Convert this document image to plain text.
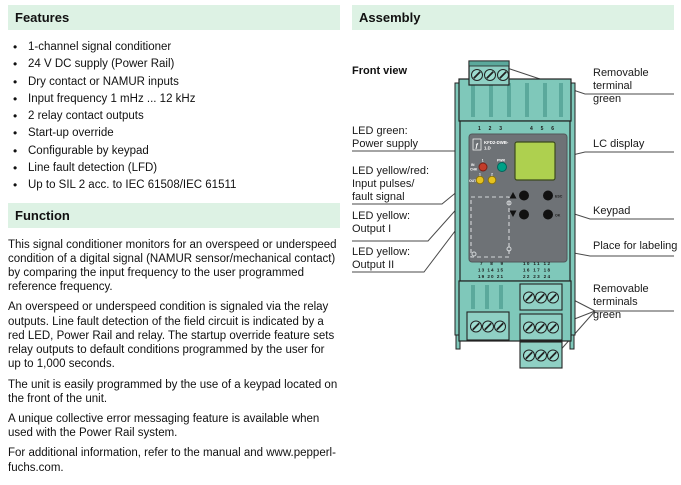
Features
• 1-channel signal conditioner
• 24 V DC supply (Power Rail)
• Dry contact or NAMUR inputs
• Input frequency 1 mHz ... 12 kHz
• 2 relay contact outputs
• Start-up override
• Configurable by keypad
• Line fault detection (LFD)
• Up to SIL 2 acc. to IEC 61508/IEC 61511
Function

This signal conditioner monitors for an overspeed or underspeed condition of a digital signal (NAMUR sensor/mechanical contact) by comparing the input frequency to the user programmed reference frequency.

An overspeed or underspeed condition is signaled via the relay outputs. Line fault detection of the field circuit is indicated by a red LED, Power Rail and relay. The startup override feature sets relay outputs to default conditions programmed by the user for up to 1,000 seconds.

The unit is easily programmed by the use of a keypad located on the front of the unit.

A unique collective error messaging feature is available when used with the Power Rail system.

For additional information, refer to the manual and www.pepperl-fuchs.com.

Assembly
1 2 3	4 5 6
ƒ KFD2-DWB-
1.D
1	PWR
IN
CHK
OUT
1	2
ESC
OK
7 8 9
13 14 15
19 20 21
10 11 12
16 17 18
22 23 24
Front view
LED green:
Power supply
LED yellow/red:
Input pulses/
fault signal
LED yellow:
Output I
LED yellow:
Output II
Removable terminal
green
LC display
Keypad
Place for labeling
Removable terminals
green
